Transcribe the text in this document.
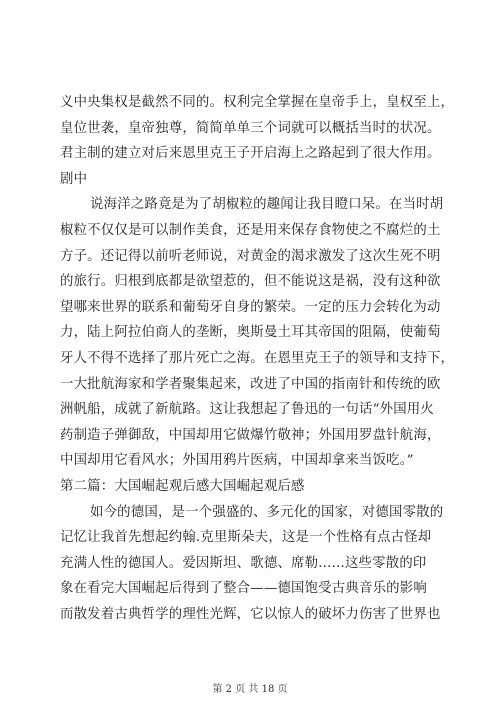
义中央集权是截然不同的。权利完全掌握在皇帝手上，皇权至上，
皇位世袭，皇帝独尊，简简单单三个词就可以概括当时的状况。
君主制的建立对后来恩里克王子开启海上之路起到了很大作用。
剧中
说海洋之路竟是为了胡椒粒的趣闻让我目瞪口呆。在当时胡
椒粒不仅仅是可以制作美食，还是用来保存食物使之不腐烂的土
方子。还记得以前听老师说，对黄金的渴求激发了这次生死不明
的旅行。归根到底都是欲望惹的，但不能说这是祸，没有这种欲
望哪来世界的联系和葡萄牙自身的繁荣。一定的压力会转化为动
力，陆上阿拉伯商人的垄断，奥斯曼土耳其帝国的阻隔，使葡萄
牙人不得不选择了那片死亡之海。在恩里克王子的领导和支持下，
一大批航海家和学者聚集起来，改进了中国的指南针和传统的欧
洲帆船，成就了新航路。这让我想起了鲁迅的一句话“外国用火
药制造子弹御敌，中国却用它做爆竹敬神；外国用罗盘针航海，
中国却用它看风水；外国用鸦片医病，中国却拿来当饭吃。”
第二篇：大国崛起观后感大国崛起观后感
如今的德国，是一个强盛的、多元化的国家，对德国零散的
记忆让我首先想起约翰.克里斯朵夫，这是一个性格有点古怪却
充满人性的德国人。爱因斯坦、歌德、席勒......这些零散的印
象在看完大国崛起后得到了整合——德国饱受古典音乐的影响
而散发着古典哲学的理性光辉，它以惊人的破坏力伤害了世界也
第 2 页 共 18 页
